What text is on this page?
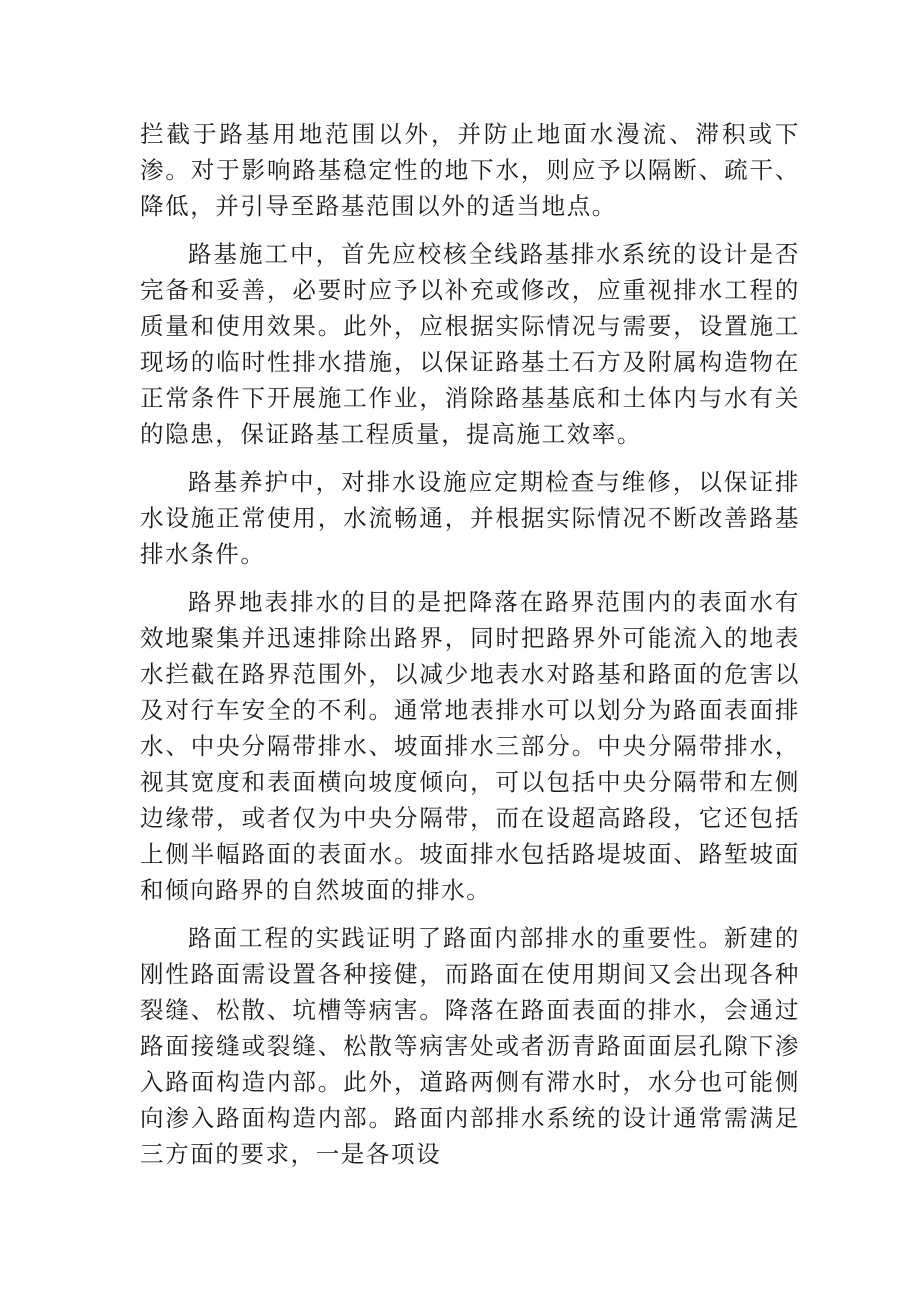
拦截于路基用地范围以外，并防止地面水漫流、滞积或下渗。对于影响路基稳定性的地下水，则应予以隔断、疏干、降低，并引导至路基范围以外的适当地点。

路基施工中，首先应校核全线路基排水系统的设计是否完备和妥善，必要时应予以补充或修改，应重视排水工程的质量和使用效果。此外，应根据实际情况与需要，设置施工现场的临时性排水措施，以保证路基土石方及附属构造物在正常条件下开展施工作业，消除路基基底和土体内与水有关的隐患，保证路基工程质量，提高施工效率。

路基养护中，对排水设施应定期检查与维修，以保证排水设施正常使用，水流畅通，并根据实际情况不断改善路基排水条件。

路界地表排水的目的是把降落在路界范围内的表面水有效地聚集并迅速排除出路界，同时把路界外可能流入的地表水拦截在路界范围外，以减少地表水对路基和路面的危害以及对行车安全的不利。通常地表排水可以划分为路面表面排水、中央分隔带排水、坡面排水三部分。中央分隔带排水，视其宽度和表面横向坡度倾向，可以包括中央分隔带和左侧边缘带，或者仅为中央分隔带，而在设超高路段，它还包括上侧半幅路面的表面水。坡面排水包括路堤坡面、路堑坡面和倾向路界的自然坡面的排水。

路面工程的实践证明了路面内部排水的重要性。新建的刚性路面需设置各种接健，而路面在使用期间又会出现各种裂缝、松散、坑槽等病害。降落在路面表面的排水，会通过路面接缝或裂缝、松散等病害处或者沥青路面面层孔隙下渗入路面构造内部。此外，道路两侧有滞水时，水分也可能侧向渗入路面构造内部。路面内部排水系统的设计通常需满足三方面的要求，一是各项设
